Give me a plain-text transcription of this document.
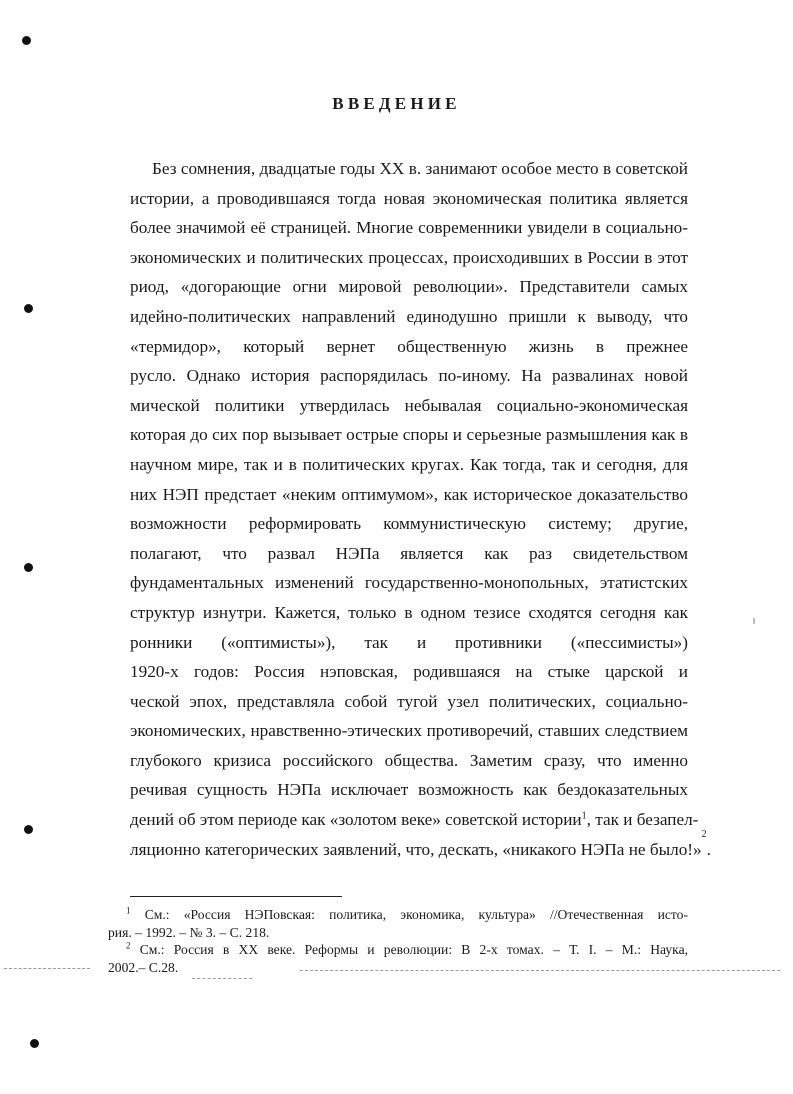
ВВЕДЕНИЕ
Без сомнения, двадцатые годы XX в. занимают особое место в советской
истории, а проводившаяся тогда новая экономическая политика является
более значимой её страницей. Многие современники увидели в социально-
экономических и политических процессах, происходивших в России в этот
риод, «догорающие огни мировой революции». Представители самых
идейно-политических направлений единодушно пришли к выводу, что
«термидор», который вернет общественную жизнь в прежнее
русло. Однако история распорядилась по-иному. На развалинах новой
мической политики утвердилась небывалая социально-экономическая
которая до сих пор вызывает острые споры и серьезные размышления как в
научном мире, так и в политических кругах. Как тогда, так и сегодня, для
них НЭП предстает «неким оптимумом», как историческое доказательство
возможности реформировать коммунистическую систему; другие,
полагают, что развал НЭПа является как раз свидетельством
фундаментальных изменений государственно-монопольных, этатистских
структур изнутри. Кажется, только в одном тезисе сходятся сегодня как
ронники («оптимисты»), так и противники («пессимисты»)
1920-х годов: Россия нэповская, родившаяся на стыке царской и
ческой эпох, представляла собой тугой узел политических, социально-
экономических, нравственно-этических противоречий, ставших следствием
глубокого кризиса российского общества. Заметим сразу, что именно
речивая сущность НЭПа исключает возможность как бездоказательных
дений об этом периоде как «золотом веке» советской истории$^1$ , так и безапел-
ляционно категорических заявлений, что, дескать, «никакого НЭПа не было!»
2
.
$^1$ См.: «Россия НЭПовская: политика, экономика, культура» //Отечественная исто-
рия. – 1992. – № 3. – С. 218.
$^2$ См.: Россия в XX веке. Реформы и революции: В 2-х томах. – Т. I. – М.: Наука,
2002.– С.28.
